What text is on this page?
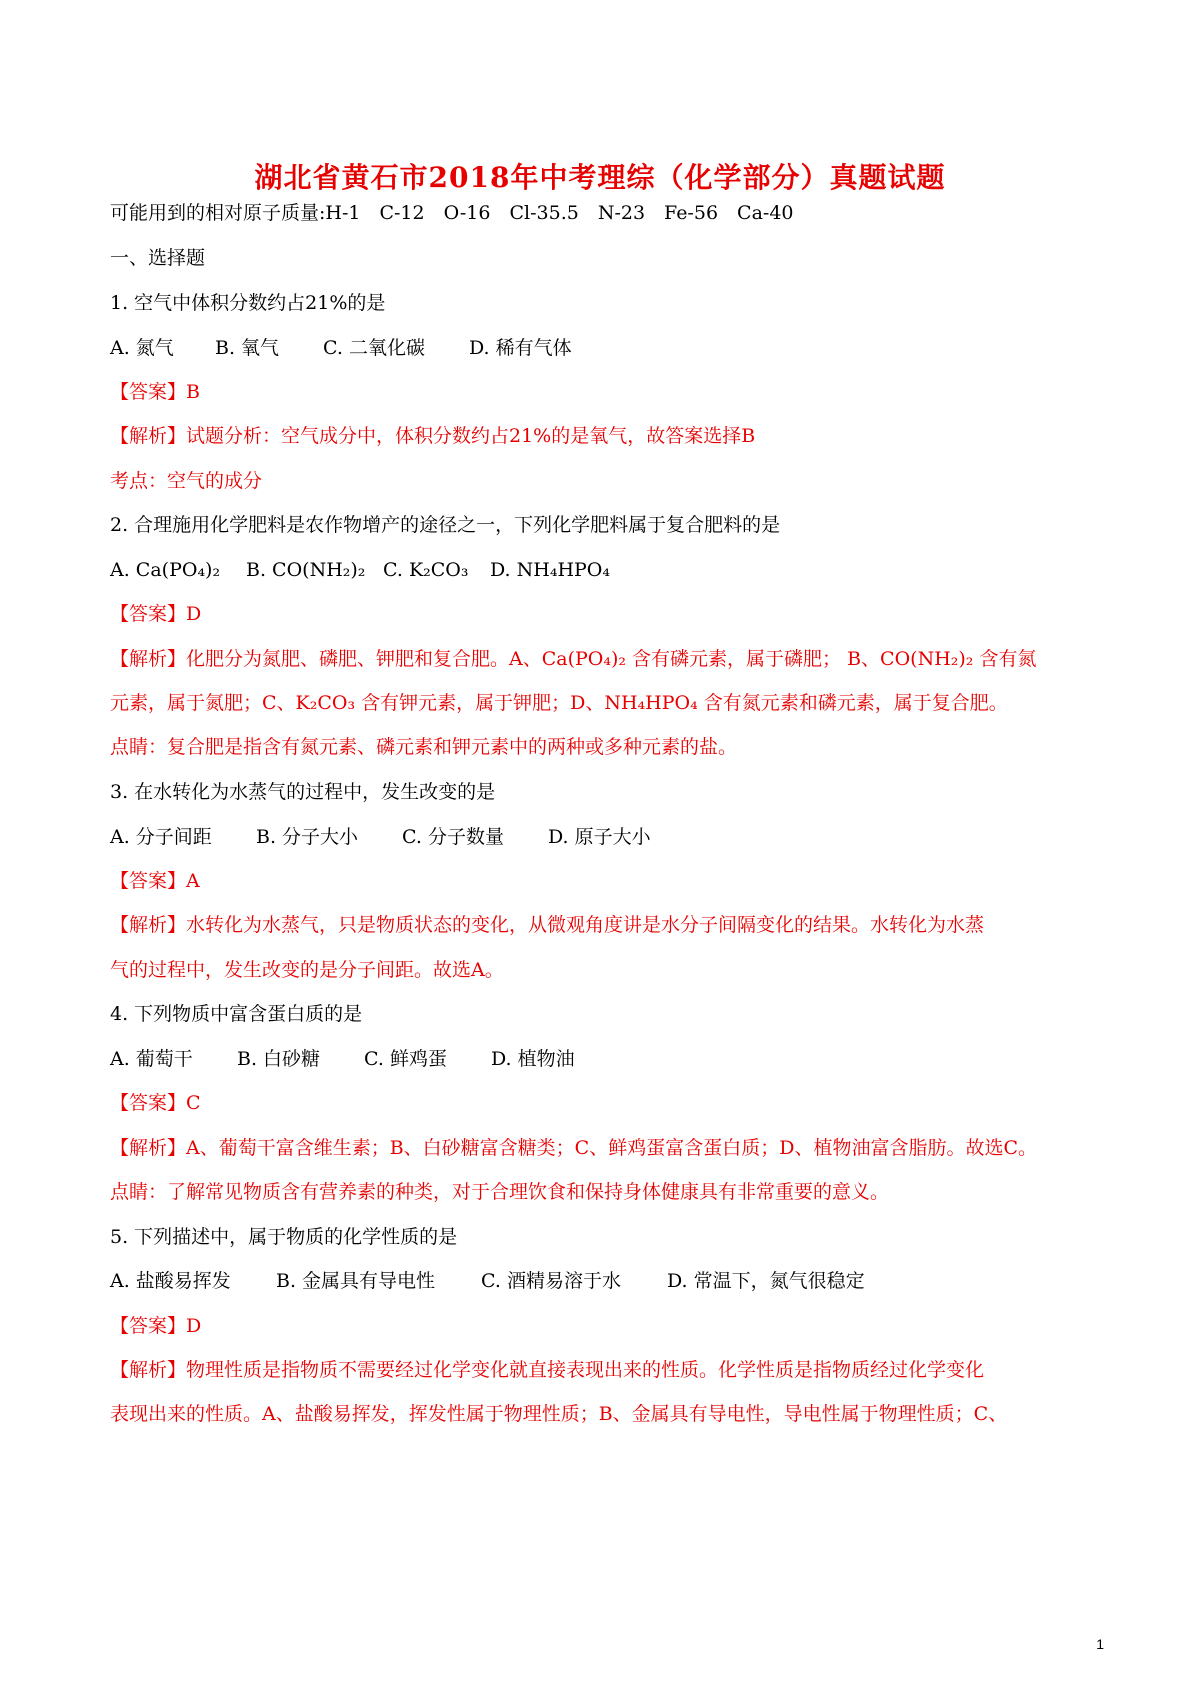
湖北省黄石市2018年中考理综（化学部分）真题试题
可能用到的相对原子质量:H-1　C-12　O-16　Cl-35.5　N-23　Fe-56　Ca-40
一、选择题
1. 空气中体积分数约占21%的是
A. 氮气 B. 氧气 C. 二氧化碳 D. 稀有气体
【答案】B
【解析】试题分析：空气成分中，体积分数约占21%的是氧气，故答案选择B
考点：空气的成分
2. 合理施用化学肥料是农作物增产的途径之一，下列化学肥料属于复合肥料的是
A. Ca(PO₄)₂ B. CO(NH₂)₂ C. K₂CO₃ D. NH₄HPO₄
【答案】D
【解析】化肥分为氮肥、磷肥、钾肥和复合肥。A、Ca(PO₄)₂ 含有磷元素，属于磷肥； B、CO(NH₂)₂ 含有氮
元素，属于氮肥；C、K₂CO₃ 含有钾元素，属于钾肥；D、NH₄HPO₄ 含有氮元素和磷元素，属于复合肥。
点睛：复合肥是指含有氮元素、磷元素和钾元素中的两种或多种元素的盐。
3. 在水转化为水蒸气的过程中，发生改变的是
A. 分子间距 B. 分子大小 C. 分子数量 D. 原子大小
【答案】A
【解析】水转化为水蒸气，只是物质状态的变化，从微观角度讲是水分子间隔变化的结果。水转化为水蒸
气的过程中，发生改变的是分子间距。故选A。
4. 下列物质中富含蛋白质的是
A. 葡萄干 B. 白砂糖 C. 鲜鸡蛋 D. 植物油
【答案】C
【解析】A、葡萄干富含维生素；B、白砂糖富含糖类；C、鲜鸡蛋富含蛋白质；D、植物油富含脂肪。故选C。
点睛：了解常见物质含有营养素的种类，对于合理饮食和保持身体健康具有非常重要的意义。
5. 下列描述中，属于物质的化学性质的是
A. 盐酸易挥发 B. 金属具有导电性 C. 酒精易溶于水 D. 常温下，氮气很稳定
【答案】D
【解析】物理性质是指物质不需要经过化学变化就直接表现出来的性质。化学性质是指物质经过化学变化
表现出来的性质。A、盐酸易挥发，挥发性属于物理性质；B、金属具有导电性，导电性属于物理性质；C、
1
